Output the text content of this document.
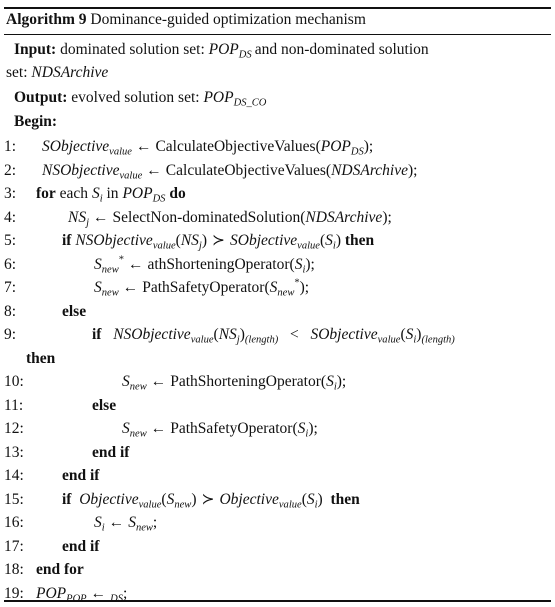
Algorithm 9 Dominance-guided optimization mechanism
Input: dominated solution set: $POP_{DS}$  and non-dominated solution
set: NDSArchive
Output: evolved solution set: $POP_{DS\_CO}$
Begin:
1:	SObjective$_{value}$ ← $CalculateObjectiveValues(POP_{DS})$;
2:	NSObjective$_{value}$ ← CalculateObjectiveValues(NDSArchive);
3:	for each $S_i$ in $POP_{DS}$ do
4:	$NS_j$ ← SelectNon-dominatedSolution(NDSArchive);
5:	if $NSObjective_{value}(NS_j)$ ≻ $SObjective_{value}(S_i)$ then
6:	$S_{new}^*$ ← $athShorteningOperator(S_i)$;
7:	$S_{new}$ ← $PathSafetyOperator(S_{new}^*)$;
8:	else
9:	if $NSObjective_{value}(NS_j)_{(length)}$ < $SObjective_{value}(S_i)_{(length)}$
then
10:	$S_{new}$ ← $PathShorteningOperator(S_i)$;
11:	else
12:	$S_{new}$ ← $PathSafetyOperator(S_i)$;
13:	end if
14:	end if
15:	if $Objective_{value}(S_{new})$ ≻ $Objective_{value}(S_i)$  then
16:	$S_i$ ← $S_{new}$;
17:	end if
18: end for
19: $POP_{POP}$ ← $_{DS}$;
